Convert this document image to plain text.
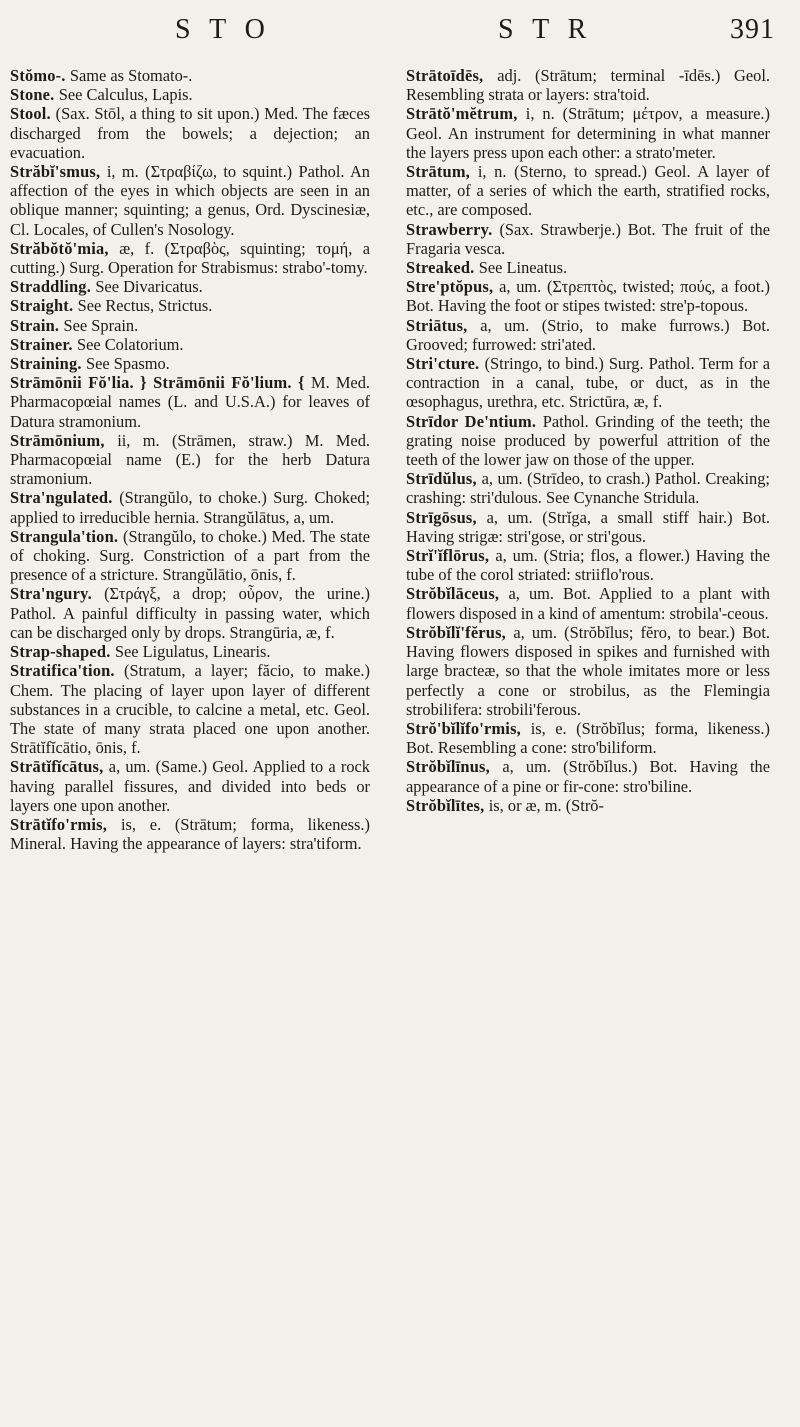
S T O	S T R	391

Stŏmo-. Same as Stomato-.

Stone. See Calculus, Lapis.

Stool. (Sax. Stōl, a thing to sit upon.) Med. The fæces discharged from the bowels; a dejection; an evacuation.

Străbĭ'smus, i, m. (Στραβίζω, to squint.) Pathol. An affection of the eyes in which objects are seen in an oblique manner; squinting; a genus, Ord. Dyscinesiæ, Cl. Locales, of Cullen's Nosology.

Străbŏtŏ'mia, æ, f. (Στραβὸς, squinting; τομή, a cutting.) Surg. Operation for Strabismus: strabo'-tomy.

Straddling. See Divaricatus.

Straight. See Rectus, Strictus.

Strain. See Sprain.

Strainer. See Colatorium.

Straining. See Spasmo.

Strāmōnii Fŏ'lia. } Strāmōnii Fŏ'lium. { M. Med. Pharmacopœial names (L. and U.S.A.) for leaves of Datura stramonium.

Strāmōnium, ii, m. (Strāmen, straw.) M. Med. Pharmacopœial name (E.) for the herb Datura stramonium.

Stra'ngulated. (Strangŭlo, to choke.) Surg. Choked; applied to irreducible hernia. Strangŭlātus, a, um.

Strangula'tion. (Strangŭlo, to choke.) Med. The state of choking. Surg. Constriction of a part from the presence of a stricture. Strangŭlātio, ōnis, f.

Stra'ngury. (Στράγξ, a drop; οὖρον, the urine.) Pathol. A painful difficulty in passing water, which can be discharged only by drops. Strangūria, æ, f.

Strap-shaped. See Ligulatus, Linearis.

Stratifica'tion. (Stratum, a layer; făcio, to make.) Chem. The placing of layer upon layer of different substances in a crucible, to calcine a metal, etc. Geol. The state of many strata placed one upon another. Strātĭfĭcātio, ōnis, f.

Strātĭfĭcātus, a, um. (Same.) Geol. Applied to a rock having parallel fissures, and divided into beds or layers one upon another.

Strātĭfo'rmis, is, e. (Strātum; forma, likeness.) Mineral. Having the appearance of layers: stra'tiform.

Strātoīdēs, adj. (Strātum; terminal -īdēs.) Geol. Resembling strata or layers: stra'toid.

Strātŏ'mĕtrum, i, n. (Strātum; μέτρον, a measure.) Geol. An instrument for determining in what manner the layers press upon each other: a strato'meter.

Strātum, i, n. (Sterno, to spread.) Geol. A layer of matter, of a series of which the earth, stratified rocks, etc., are composed.

Strawberry. (Sax. Strawberje.) Bot. The fruit of the Fragaria vesca.

Streaked. See Lineatus.

Stre'ptŏpus, a, um. (Στρεπτὸς, twisted; πούς, a foot.) Bot. Having the foot or stipes twisted: stre'p-topous.

Striātus, a, um. (Strio, to make furrows.) Bot. Grooved; furrowed: stri'ated.

Stri'cture. (Stringo, to bind.) Surg. Pathol. Term for a contraction in a canal, tube, or duct, as in the œsophagus, urethra, etc. Strictūra, æ, f.

Strīdor De'ntium. Pathol. Grinding of the teeth; the grating noise produced by powerful attrition of the teeth of the lower jaw on those of the upper.

Strīdŭlus, a, um. (Strīdeo, to crash.) Pathol. Creaking; crashing: stri'dulous. See Cynanche Stridula.

Strīgōsus, a, um. (Strĭga, a small stiff hair.) Bot. Having strigæ: stri'gose, or stri'gous.

Strĭ'ĭflōrus, a, um. (Stria; flos, a flower.) Having the tube of the corol striated: striiflo'rous.

Strŏbĭlāceus, a, um. Bot. Applied to a plant with flowers disposed in a kind of amentum: strobila'-ceous.

Strŏbĭlĭ'fĕrus, a, um. (Strŏbĭlus; fĕro, to bear.) Bot. Having flowers disposed in spikes and furnished with large bracteæ, so that the whole imitates more or less perfectly a cone or strobilus, as the Flemingia strobilifera: strobili'ferous.

Strŏ'bĭlĭfo'rmis, is, e. (Strŏbĭlus; forma, likeness.) Bot. Resembling a cone: stro'biliform.

Strŏbĭlīnus, a, um. (Strŏbĭlus.) Bot. Having the appearance of a pine or fir-cone: stro'biline.

Strŏbĭlītes, is, or æ, m. (Strŏ-
